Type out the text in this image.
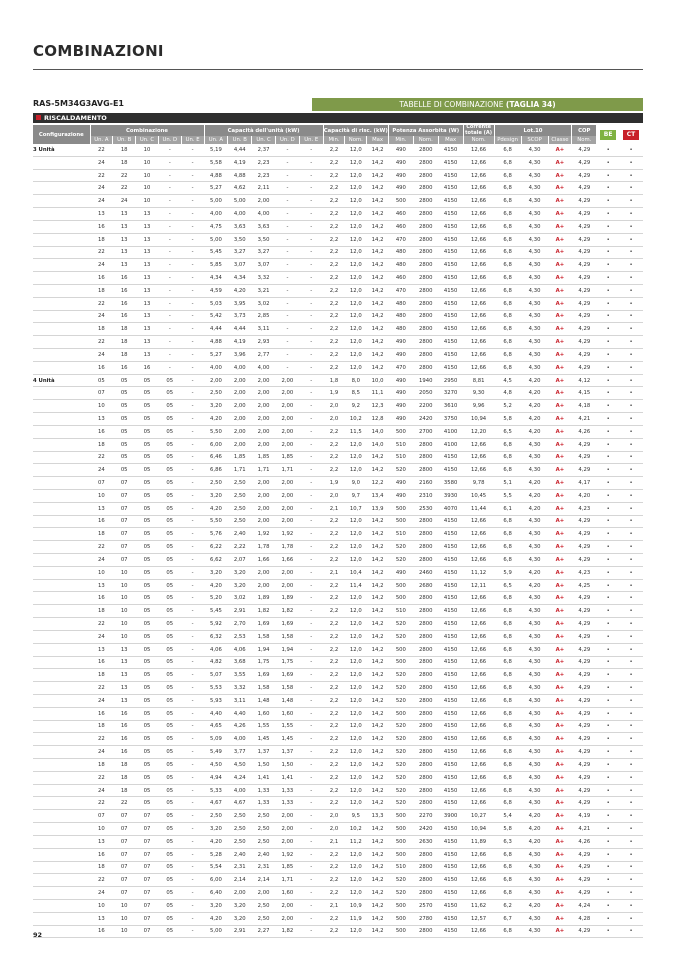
COMBINAZIONI
RAS-5M34G3AVG-E1	TABELLE DI COMBINAZIONE (TAGLIA 34)
RISCALDAMENTO
Configurazione	Combinazione					Capacità dell'unità (kW)					Capacità di risc. (kW)			Potenza Assorbita (W)			Corrente totale (A)	Lot.10			COP	BE	CT
	Un. A	Un. B	Un. C	Un. D	Un. E	Un. A	Un. B	Un. C	Un. D	Un. E	Min.	Nom.	Max	Min.	Nom.	Max	Nom.	Pdesign	SCOP	Classe	Nom.		
3 Unità	22	18	10	-	-	5,19	4,44	2,37	-	-	2,2	12,0	14,2	490	2800	4150	12,66	6,8	4,30	A+	4,29	•	•
	24	18	10	-	-	5,58	4,19	2,23	-	-	2,2	12,0	14,2	490	2800	4150	12,66	6,8	4,30	A+	4,29	•	•
	22	22	10	-	-	4,88	4,88	2,23	-	-	2,2	12,0	14,2	490	2800	4150	12,66	6,8	4,30	A+	4,29	•	•
	24	22	10	-	-	5,27	4,62	2,11	-	-	2,2	12,0	14,2	490	2800	4150	12,66	6,8	4,30	A+	4,29	•	•
	24	24	10	-	-	5,00	5,00	2,00	-	-	2,2	12,0	14,2	500	2800	4150	12,66	6,8	4,30	A+	4,29	•	•
	13	13	13	-	-	4,00	4,00	4,00	-	-	2,2	12,0	14,2	460	2800	4150	12,66	6,8	4,30	A+	4,29	•	•
	16	13	13	-	-	4,75	3,63	3,63	-	-	2,2	12,0	14,2	460	2800	4150	12,66	6,8	4,30	A+	4,29	•	•
	18	13	13	-	-	5,00	3,50	3,50	-	-	2,2	12,0	14,2	470	2800	4150	12,66	6,8	4,30	A+	4,29	•	•
	22	13	13	-	-	5,45	3,27	3,27	-	-	2,2	12,0	14,2	480	2800	4150	12,66	6,8	4,30	A+	4,29	•	•
	24	13	13	-	-	5,85	3,07	3,07	-	-	2,2	12,0	14,2	480	2800	4150	12,66	6,8	4,30	A+	4,29	•	•
	16	16	13	-	-	4,34	4,34	3,32	-	-	2,2	12,0	14,2	460	2800	4150	12,66	6,8	4,30	A+	4,29	•	•
	18	16	13	-	-	4,59	4,20	3,21	-	-	2,2	12,0	14,2	470	2800	4150	12,66	6,8	4,30	A+	4,29	•	•
	22	16	13	-	-	5,03	3,95	3,02	-	-	2,2	12,0	14,2	480	2800	4150	12,66	6,8	4,30	A+	4,29	•	•
	24	16	13	-	-	5,42	3,73	2,85	-	-	2,2	12,0	14,2	480	2800	4150	12,66	6,8	4,30	A+	4,29	•	•
	18	18	13	-	-	4,44	4,44	3,11	-	-	2,2	12,0	14,2	480	2800	4150	12,66	6,8	4,30	A+	4,29	•	•
	22	18	13	-	-	4,88	4,19	2,93	-	-	2,2	12,0	14,2	490	2800	4150	12,66	6,8	4,30	A+	4,29	•	•
	24	18	13	-	-	5,27	3,96	2,77	-	-	2,2	12,0	14,2	490	2800	4150	12,66	6,8	4,30	A+	4,29	•	•
	16	16	16	-	-	4,00	4,00	4,00	-	-	2,2	12,0	14,2	470	2800	4150	12,66	6,8	4,30	A+	4,29	•	•
4 Unità	05	05	05	05	-	2,00	2,00	2,00	2,00	-	1,8	8,0	10,0	490	1940	2950	8,81	4,5	4,20	A+	4,12	•	•
	07	05	05	05	-	2,50	2,00	2,00	2,00	-	1,9	8,5	11,1	490	2050	3270	9,30	4,8	4,20	A+	4,15	•	•
	10	05	05	05	-	3,20	2,00	2,00	2,00	-	2,0	9,2	12,3	490	2200	3610	9,96	5,2	4,20	A+	4,18	•	•
	13	05	05	05	-	4,20	2,00	2,00	2,00	-	2,0	10,2	12,8	490	2420	3750	10,94	5,8	4,20	A+	4,21	•	•
	16	05	05	05	-	5,50	2,00	2,00	2,00	-	2,2	11,5	14,0	500	2700	4100	12,20	6,5	4,20	A+	4,26	•	•
	18	05	05	05	-	6,00	2,00	2,00	2,00	-	2,2	12,0	14,0	510	2800	4100	12,66	6,8	4,30	A+	4,29	•	•
	22	05	05	05	-	6,46	1,85	1,85	1,85	-	2,2	12,0	14,2	510	2800	4150	12,66	6,8	4,30	A+	4,29	•	•
	24	05	05	05	-	6,86	1,71	1,71	1,71	-	2,2	12,0	14,2	520	2800	4150	12,66	6,8	4,30	A+	4,29	•	•
	07	07	05	05	-	2,50	2,50	2,00	2,00	-	1,9	9,0	12,2	490	2160	3580	9,78	5,1	4,20	A+	4,17	•	•
	10	07	05	05	-	3,20	2,50	2,00	2,00	-	2,0	9,7	13,4	490	2310	3930	10,45	5,5	4,20	A+	4,20	•	•
	13	07	05	05	-	4,20	2,50	2,00	2,00	-	2,1	10,7	13,9	500	2530	4070	11,44	6,1	4,20	A+	4,23	•	•
	16	07	05	05	-	5,50	2,50	2,00	2,00	-	2,2	12,0	14,2	500	2800	4150	12,66	6,8	4,30	A+	4,29	•	•
	18	07	05	05	-	5,76	2,40	1,92	1,92	-	2,2	12,0	14,2	510	2800	4150	12,66	6,8	4,30	A+	4,29	•	•
	22	07	05	05	-	6,22	2,22	1,78	1,78	-	2,2	12,0	14,2	520	2800	4150	12,66	6,8	4,30	A+	4,29	•	•
	24	07	05	05	-	6,62	2,07	1,66	1,66	-	2,2	12,0	14,2	520	2800	4150	12,66	6,8	4,30	A+	4,29	•	•
	10	10	05	05	-	3,20	3,20	2,00	2,00	-	2,1	10,4	14,2	490	2460	4150	11,12	5,9	4,20	A+	4,23	•	•
	13	10	05	05	-	4,20	3,20	2,00	2,00	-	2,2	11,4	14,2	500	2680	4150	12,11	6,5	4,20	A+	4,25	•	•
	16	10	05	05	-	5,20	3,02	1,89	1,89	-	2,2	12,0	14,2	500	2800	4150	12,66	6,8	4,30	A+	4,29	•	•
	18	10	05	05	-	5,45	2,91	1,82	1,82	-	2,2	12,0	14,2	510	2800	4150	12,66	6,8	4,30	A+	4,29	•	•
	22	10	05	05	-	5,92	2,70	1,69	1,69	-	2,2	12,0	14,2	520	2800	4150	12,66	6,8	4,30	A+	4,29	•	•
	24	10	05	05	-	6,32	2,53	1,58	1,58	-	2,2	12,0	14,2	520	2800	4150	12,66	6,8	4,30	A+	4,29	•	•
	13	13	05	05	-	4,06	4,06	1,94	1,94	-	2,2	12,0	14,2	500	2800	4150	12,66	6,8	4,30	A+	4,29	•	•
	16	13	05	05	-	4,82	3,68	1,75	1,75	-	2,2	12,0	14,2	500	2800	4150	12,66	6,8	4,30	A+	4,29	•	•
	18	13	05	05	-	5,07	3,55	1,69	1,69	-	2,2	12,0	14,2	520	2800	4150	12,66	6,8	4,30	A+	4,29	•	•
	22	13	05	05	-	5,53	3,32	1,58	1,58	-	2,2	12,0	14,2	520	2800	4150	12,66	6,8	4,30	A+	4,29	•	•
	24	13	05	05	-	5,93	3,11	1,48	1,48	-	2,2	12,0	14,2	520	2800	4150	12,66	6,8	4,30	A+	4,29	•	•
	16	16	05	05	-	4,40	4,40	1,60	1,60	-	2,2	12,0	14,2	500	2800	4150	12,66	6,8	4,30	A+	4,29	•	•
	18	16	05	05	-	4,65	4,26	1,55	1,55	-	2,2	12,0	14,2	520	2800	4150	12,66	6,8	4,30	A+	4,29	•	•
	22	16	05	05	-	5,09	4,00	1,45	1,45	-	2,2	12,0	14,2	520	2800	4150	12,66	6,8	4,30	A+	4,29	•	•
	24	16	05	05	-	5,49	3,77	1,37	1,37	-	2,2	12,0	14,2	520	2800	4150	12,66	6,8	4,30	A+	4,29	•	•
	18	18	05	05	-	4,50	4,50	1,50	1,50	-	2,2	12,0	14,2	520	2800	4150	12,66	6,8	4,30	A+	4,29	•	•
	22	18	05	05	-	4,94	4,24	1,41	1,41	-	2,2	12,0	14,2	520	2800	4150	12,66	6,8	4,30	A+	4,29	•	•
	24	18	05	05	-	5,33	4,00	1,33	1,33	-	2,2	12,0	14,2	520	2800	4150	12,66	6,8	4,30	A+	4,29	•	•
	22	22	05	05	-	4,67	4,67	1,33	1,33	-	2,2	12,0	14,2	520	2800	4150	12,66	6,8	4,30	A+	4,29	•	•
	07	07	07	05	-	2,50	2,50	2,50	2,00	-	2,0	9,5	13,3	500	2270	3900	10,27	5,4	4,20	A+	4,19	•	•
	10	07	07	05	-	3,20	2,50	2,50	2,00	-	2,0	10,2	14,2	500	2420	4150	10,94	5,8	4,20	A+	4,21	•	•
	13	07	07	05	-	4,20	2,50	2,50	2,00	-	2,1	11,2	14,2	500	2630	4150	11,89	6,3	4,20	A+	4,26	•	•
	16	07	07	05	-	5,28	2,40	2,40	1,92	-	2,2	12,0	14,2	500	2800	4150	12,66	6,8	4,30	A+	4,29	•	•
	18	07	07	05	-	5,54	2,31	2,31	1,85	-	2,2	12,0	14,2	510	2800	4150	12,66	6,8	4,30	A+	4,29	•	•
	22	07	07	05	-	6,00	2,14	2,14	1,71	-	2,2	12,0	14,2	520	2800	4150	12,66	6,8	4,30	A+	4,29	•	•
	24	07	07	05	-	6,40	2,00	2,00	1,60	-	2,2	12,0	14,2	520	2800	4150	12,66	6,8	4,30	A+	4,29	•	•
	10	10	07	05	-	3,20	3,20	2,50	2,00	-	2,1	10,9	14,2	500	2570	4150	11,62	6,2	4,20	A+	4,24	•	•
	13	10	07	05	-	4,20	3,20	2,50	2,00	-	2,2	11,9	14,2	500	2780	4150	12,57	6,7	4,30	A+	4,28	•	•
	16	10	07	05	-	5,00	2,91	2,27	1,82	-	2,2	12,0	14,2	500	2800	4150	12,66	6,8	4,30	A+	4,29	•	•
92
